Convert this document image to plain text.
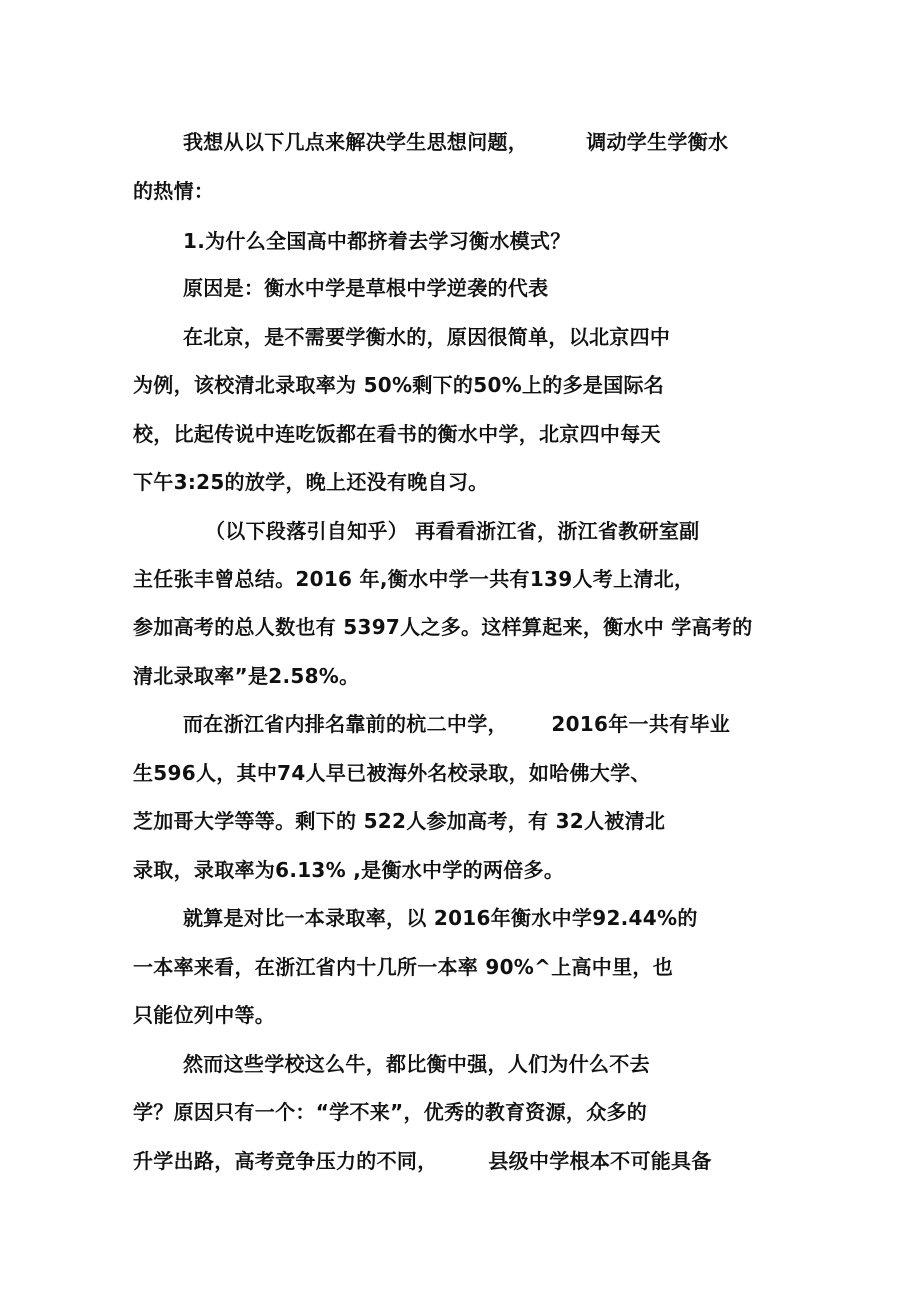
我想从以下几点来解决学生思想问题，        调动学生学衡水
的热情：
1.为什么全国高中都挤着去学习衡水模式？
原因是：衡水中学是草根中学逆袭的代表
在北京，是不需要学衡水的，原因很简单，以北京四中
为例，该校清北录取率为 50%剩下的50%上的多是国际名
校，比起传说中连吃饭都在看书的衡水中学，北京四中每天
下午3:25的放学，晚上还没有晚自习。
（以下段落引自知乎） 再看看浙江省，浙江省教研室副
主任张丰曾总结。2016 年,衡水中学一共有139人考上清北，
参加高考的总人数也有 5397人之多。这样算起来，衡水中 学高考的
清北录取率”是2.58%。
而在浙江省内排名靠前的杭二中学，      2016年一共有毕业
生596人，其中74人早已被海外名校录取，如哈佛大学、
芝加哥大学等等。剩下的 522人参加高考，有 32人被清北
录取，录取率为6.13% ,是衡水中学的两倍多。
就算是对比一本录取率，以 2016年衡水中学92.44%的
一本率来看，在浙江省内十几所一本率 90%^上高中里，也
只能位列中等。
然而这些学校这么牛，都比衡中强，人们为什么不去
学？原因只有一个：“学不来”，优秀的教育资源，众多的
升学出路，高考竞争压力的不同，       县级中学根本不可能具备
